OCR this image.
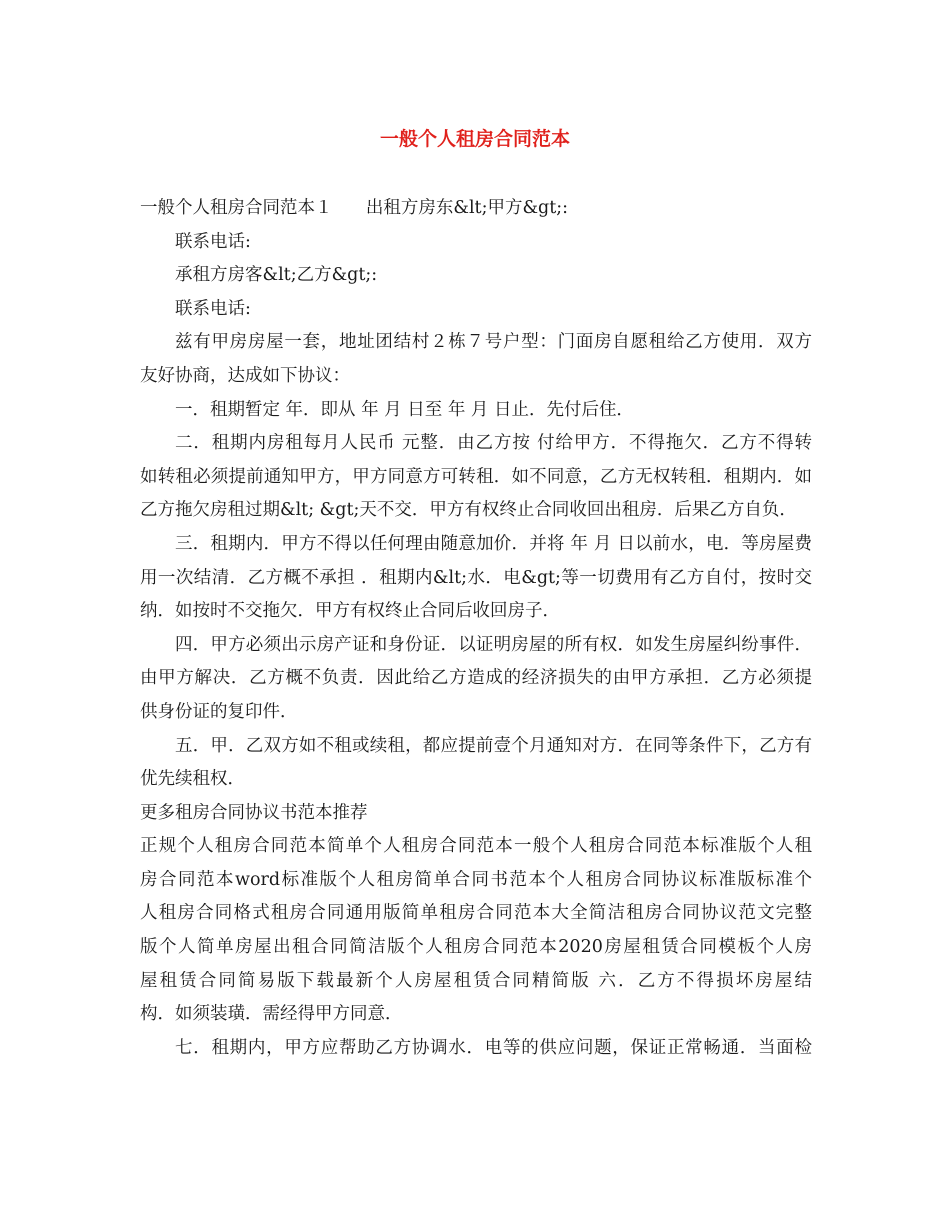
一般个人租房合同范本
一般个人租房合同范本１      出租方房东&lt;甲方&gt;:
联系电话:
承租方房客&lt;乙方&gt;:
联系电话:
兹有甲房房屋一套，地址团结村２栋７号户型：门面房自愿租给乙方使用．双方
友好协商，达成如下协议：
一．租期暂定 年．即从 年 月 日至 年 月 日止．先付后住．
二．租期内房租每月人民币 元整．由乙方按 付给甲方．不得拖欠．乙方不得转
如转租必须提前通知甲方，甲方同意方可转租．如不同意，乙方无权转租．租期内．如
乙方拖欠房租过期&lt; &gt;天不交．甲方有权终止合同收回出租房．后果乙方自负．
三．租期内．甲方不得以任何理由随意加价．并将 年 月 日以前水，电．等房屋费
用一次结清．乙方概不承担 ．租期内&lt;水．电&gt;等一切费用有乙方自付，按时交
纳．如按时不交拖欠．甲方有权终止合同后收回房子．
四．甲方必须出示房产证和身份证．以证明房屋的所有权．如发生房屋纠纷事件．
由甲方解决．乙方概不负责．因此给乙方造成的经济损失的由甲方承担．乙方必须提
供身份证的复印件．
五．甲．乙双方如不租或续租，都应提前壹个月通知对方．在同等条件下，乙方有
优先续租权．
更多租房合同协议书范本推荐
正规个人租房合同范本简单个人租房合同范本一般个人租房合同范本标准版个人租
房合同范本word标准版个人租房简单合同书范本个人租房合同协议标准版标准个
人租房合同格式租房合同通用版简单租房合同范本大全简洁租房合同协议范文完整
版个人简单房屋出租合同简洁版个人租房合同范本2020房屋租赁合同模板个人房
屋租赁合同简易版下载最新个人房屋租赁合同精简版 六．乙方不得损坏房屋结
构．如须装璜．需经得甲方同意．
七．租期内，甲方应帮助乙方协调水．电等的供应问题，保证正常畅通．当面检
